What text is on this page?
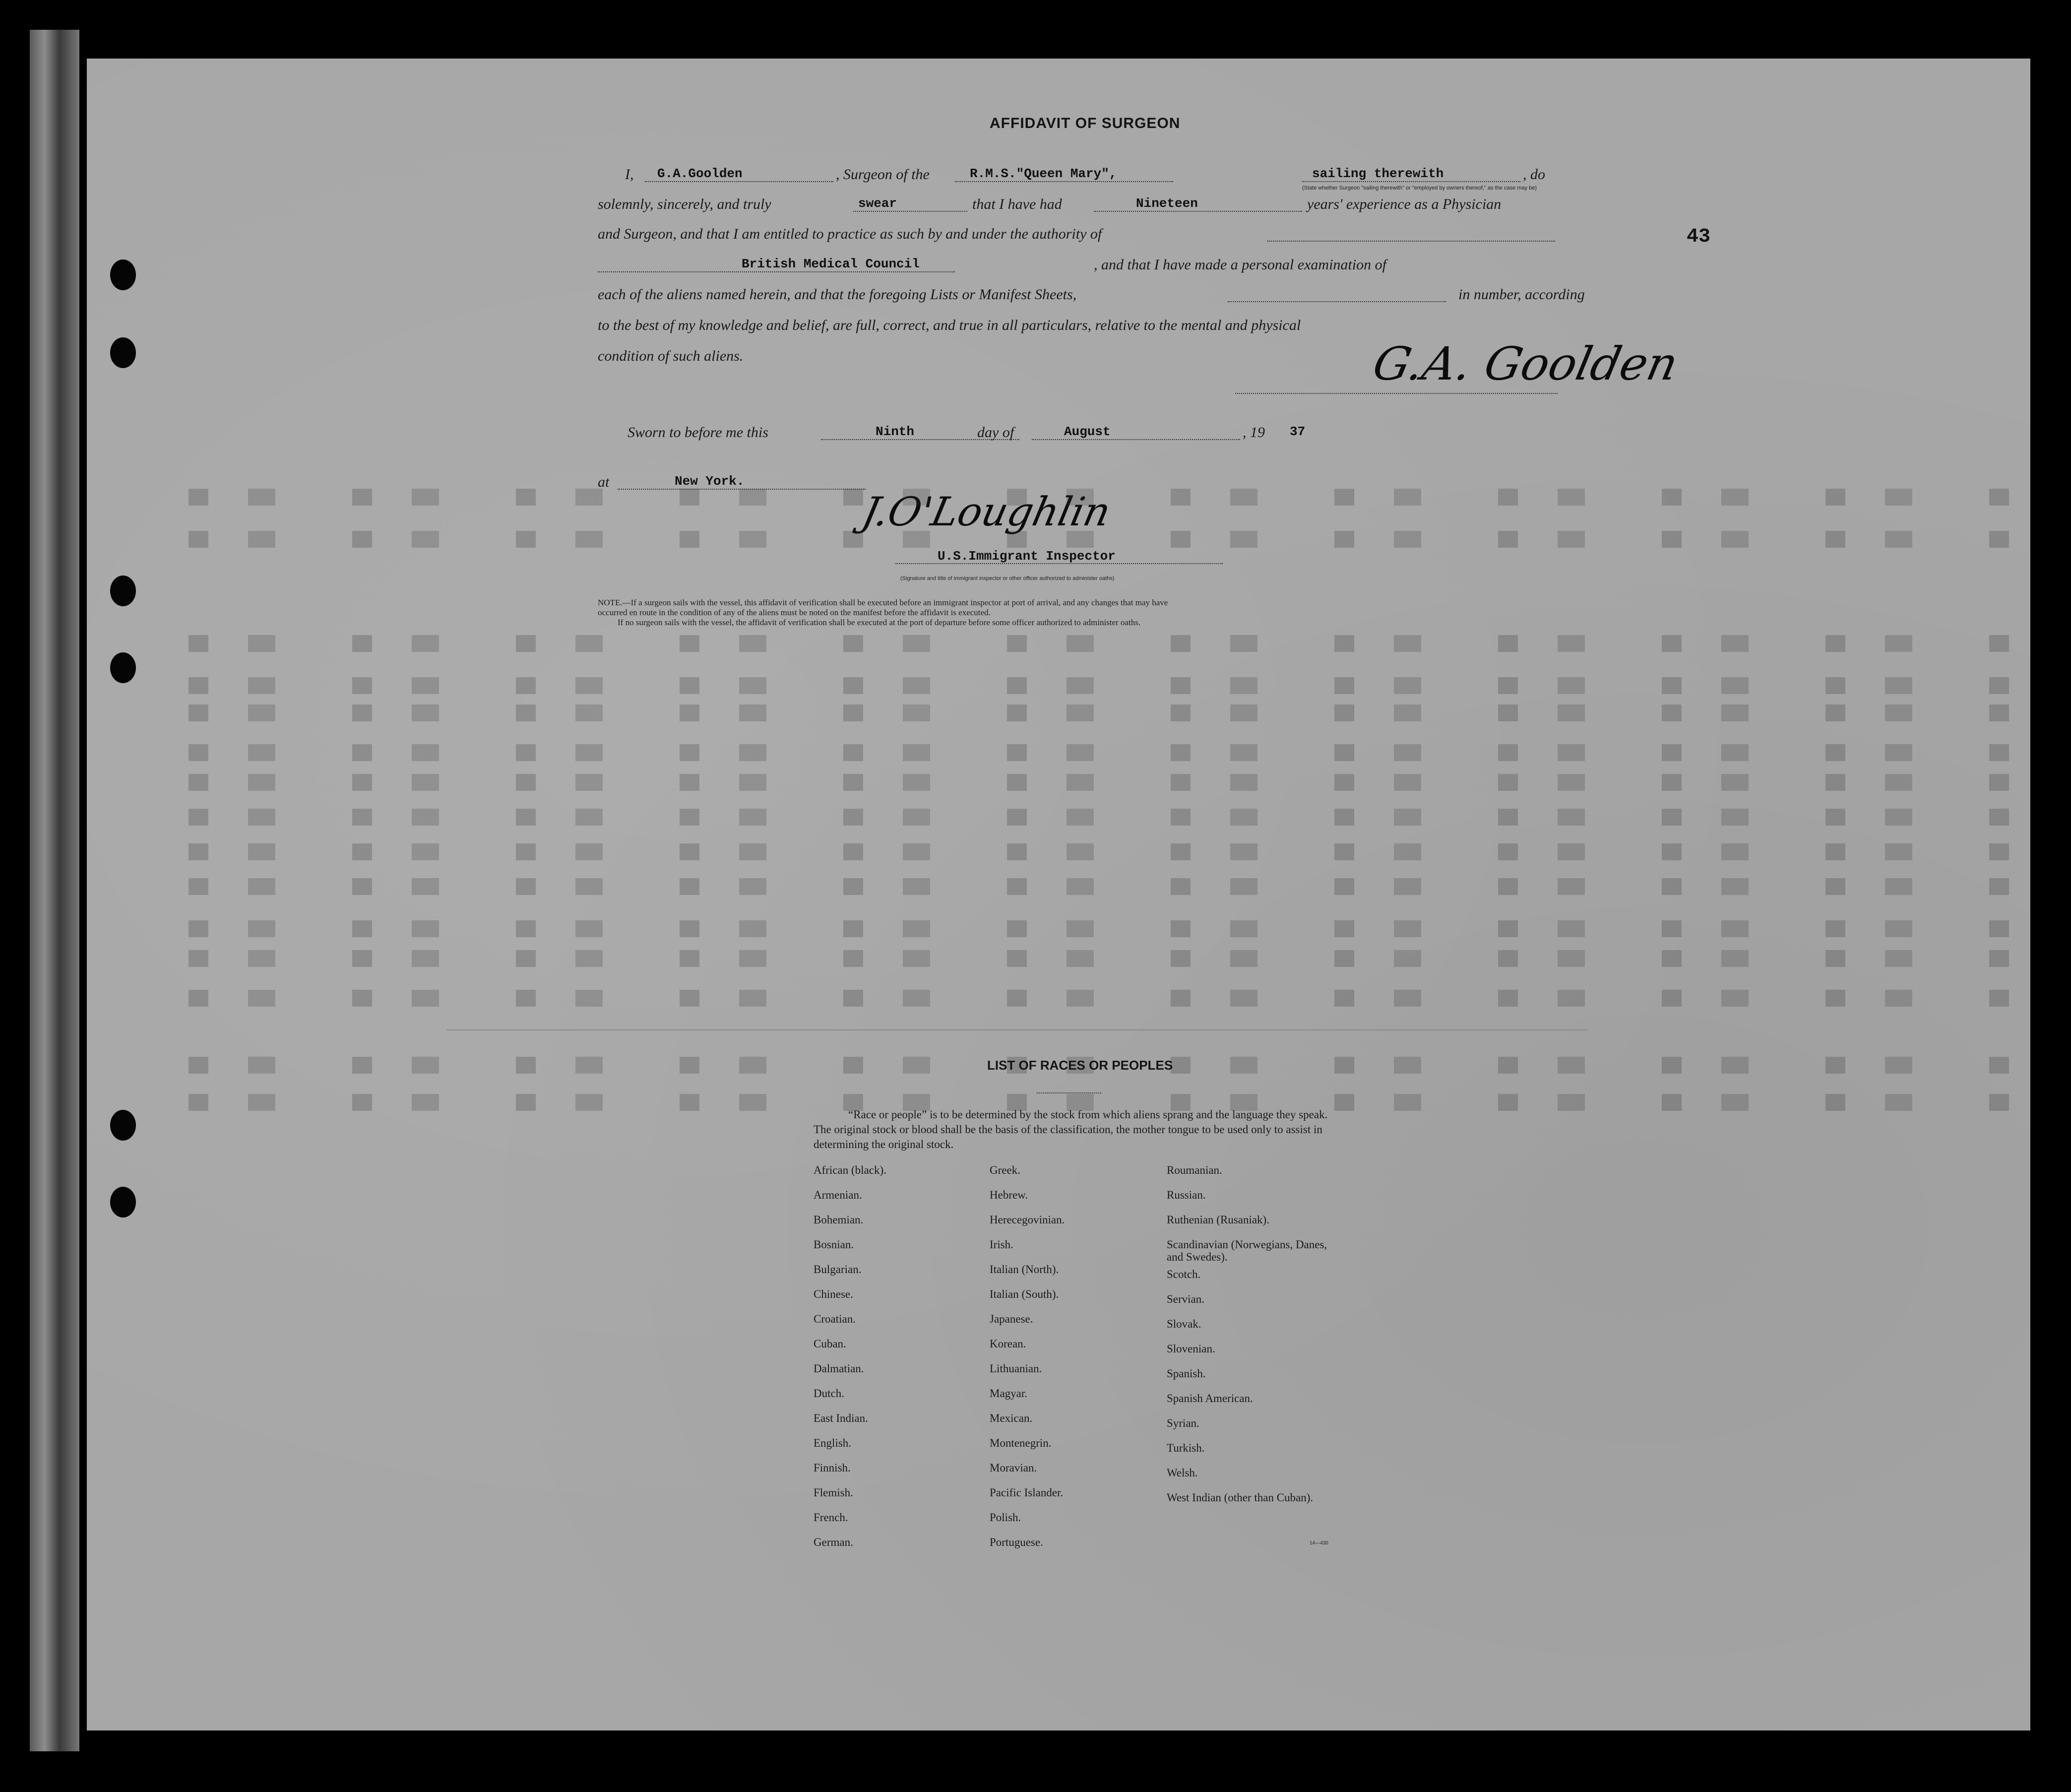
43
AFFIDAVIT OF SURGEON
I, G.A.Goolden	, Surgeon of the	R.M.S."Queen Mary",	sailing therewith	, do
(State whether Surgeon "sailing therewith" or "employed by owners thereof," as the case may be)
solemnly, sincerely, and truly	swear	that I have had	Nineteen	years' experience as a Physician
and Surgeon, and that I am entitled to practice as such by and under the authority of
British Medical Council	, and that I have made a personal examination of
each of the aliens named herein, and that the foregoing Lists or Manifest Sheets,	in number, according
to the best of my knowledge and belief, are full, correct, and true in all particulars, relative to the mental and physical
condition of such aliens.	G.A. Goolden
Sworn to before me this	Ninth	day of	August	, 19 37
at	New York.
J.O'Loughlin
U.S.Immigrant Inspector
(Signature and title of immigrant inspector or other officer authorized to administer oaths)
NOTE.—If a surgeon sails with the vessel, this affidavit of verification shall be executed before an immigrant inspector at port of arrival, and any changes that may have
occurred en route in the condition of any of the aliens must be noted on the manifest before the affidavit is executed.
If no surgeon sails with the vessel, the affidavit of verification shall be executed at the port of departure before some officer authorized to administer oaths.
LIST OF RACES OR PEOPLES
“Race or people” is to be determined by the stock from which aliens sprang and the language they speak. The original stock or blood shall be the basis of the classification, the mother tongue to be used only to assist in determining the original stock.
African (black).
Armenian.
Bohemian.
Bosnian.
Bulgarian.
Chinese.
Croatian.
Cuban.
Dalmatian.
Dutch.
East Indian.
English.
Finnish.
Flemish.
French.
German.
Greek.
Hebrew.
Herecegovinian.
Irish.
Italian (North).
Italian (South).
Japanese.
Korean.
Lithuanian.
Magyar.
Mexican.
Montenegrin.
Moravian.
Pacific Islander.
Polish.
Portuguese.
Roumanian.
Russian.
Ruthenian (Rusaniak).
Scandinavian (Norwegians, Danes, and Swedes).
Scotch.
Servian.
Slovak.
Slovenian.
Spanish.
Spanish American.
Syrian.
Turkish.
Welsh.
West Indian (other than Cuban).
14—430
